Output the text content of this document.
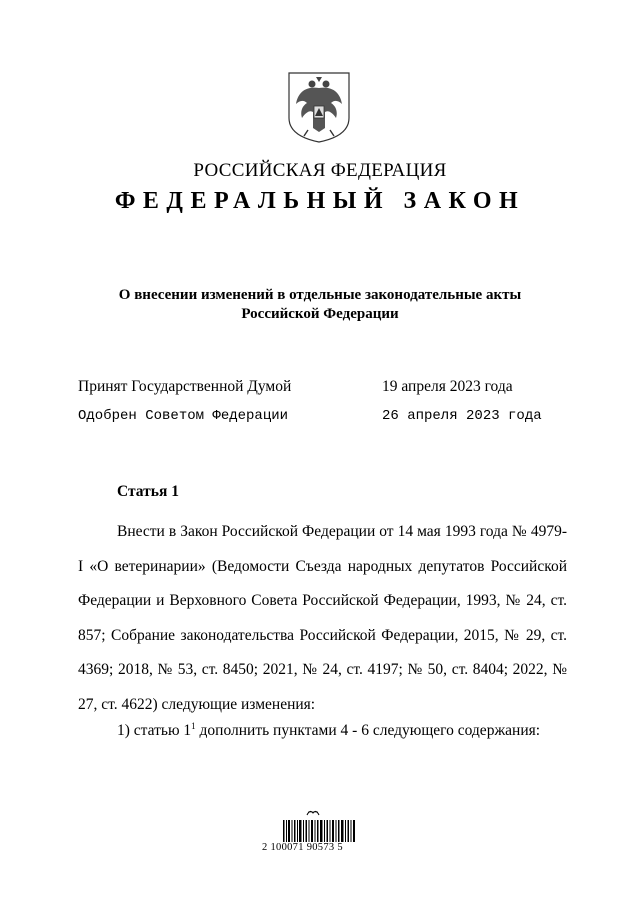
РОССИЙСКАЯ ФЕДЕРАЦИЯ
ФЕДЕРАЛЬНЫЙ ЗАКОН
О внесении изменений в отдельные законодательные акты
Российской Федерации
Принят Государственной Думой	19 апреля 2023 года
Одобрен Советом Федерации	26 апреля 2023 года
Статья 1

Внести в Закон Российской Федерации от 14 мая 1993 года № 4979-I «О ветеринарии» (Ведомости Съезда народных депутатов Российской Федерации и Верховного Совета Российской Федерации, 1993, № 24, ст. 857; Собрание законодательства Российской Федерации, 2015, № 29, ст. 4369; 2018, № 53, ст. 8450; 2021, № 24, ст. 4197; № 50, ст. 8404; 2022, № 27, ст. 4622) следующие изменения:

1) статью $1^1$ дополнить пунктами 4 - 6 следующего содержания:
2 100071 90573 5
